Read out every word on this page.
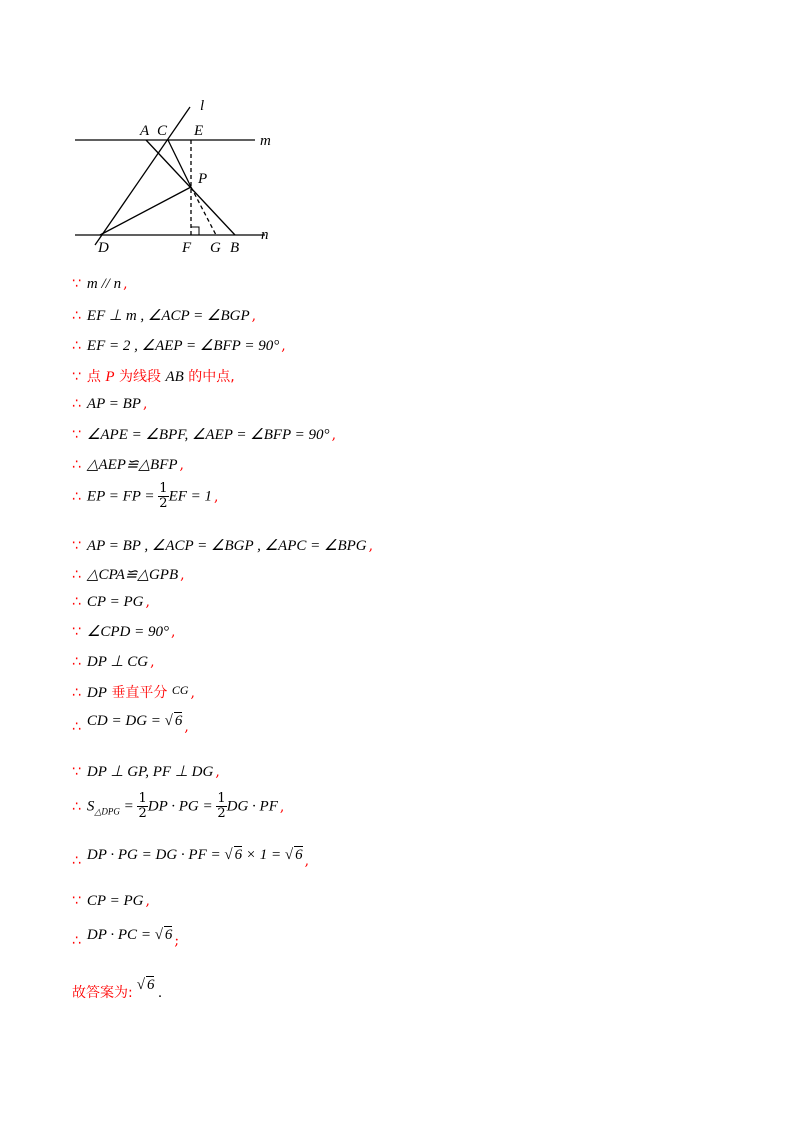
l
m
n
A C E
P
D	F G B
∵ m // n ,
∴ EF ⊥ m , ∠ACP = ∠BGP ,
∴ EF = 2 , ∠AEP = ∠BFP = 90° ,
∵ 点 P 为线段 AB 的中点,
∴ AP = BP ,
∵ ∠APE = ∠BPF, ∠AEP = ∠BFP = 90° ,
∴ △AEP≌△BFP ,
∴ EP = FP = $\frac{1}{2}$ EF = 1 ,
∵ AP = BP , ∠ACP = ∠BGP , ∠APC = ∠BPG ,
∴ △CPA≌△GPB ,
∴ CP = PG ,
∵ ∠CPD = 90° ,
∴ DP ⊥ CG ,
∴ DP 垂直平分 CG ,
∴ CD = DG = √ 6 ,
∵ DP ⊥ GP, PF ⊥ DG ,
∴ $S_{\triangle DPG} = \frac{1}{2}$ DP · PG = $\frac{1}{2}$ DG · PF ,
∴ DP · PG = DG · PF = √ 6 × 1 = √ 6 ,
∵ CP = PG ,
∴ DP · PC = √ 6 ;
故答案为: √ 6 .
